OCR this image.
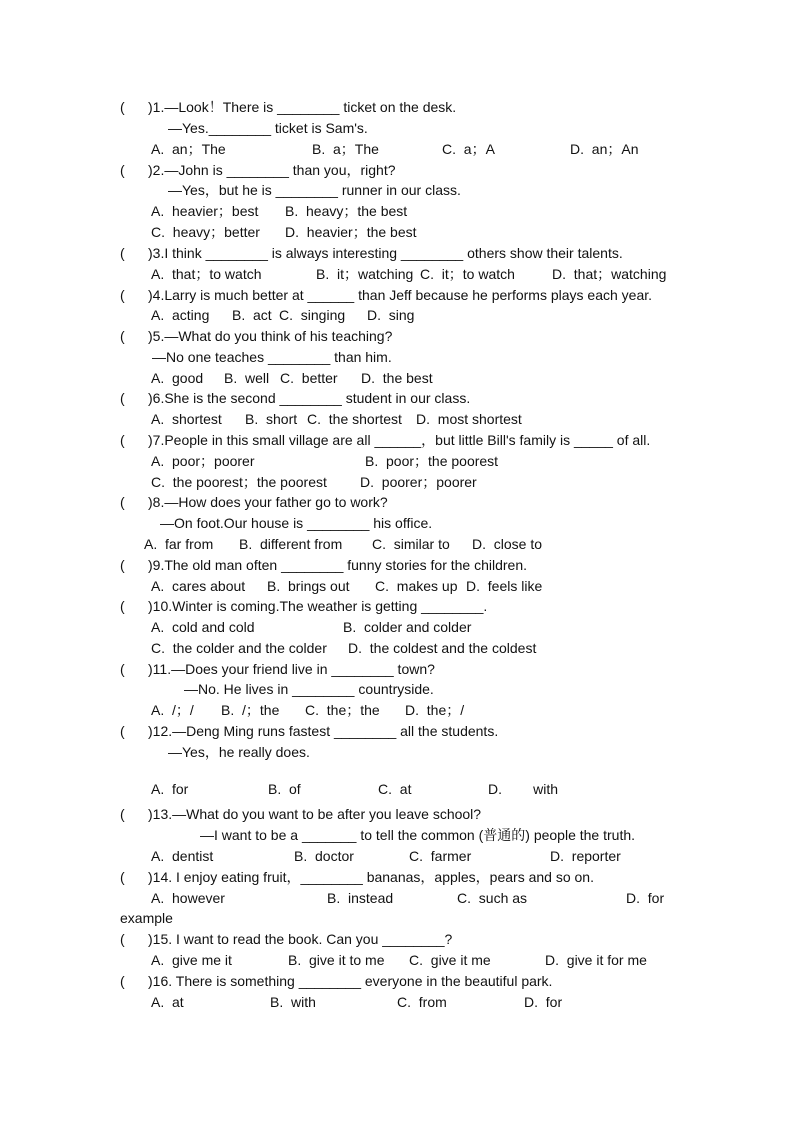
(      )1.—Look！There is ________ ticket on the desk.
—Yes.________ ticket is Sam's.
A.  an；The	B.  a；The	C.  a；A	D.  an；An
(      )2.—John is ________ than you，right?
—Yes，but he is ________ runner in our class.
A.  heavier；best B.  heavy；the best
C.  heavy；better D.  heavier；the best
(      )3.I think ________ is always interesting ________ others show their talents.
A.  that；to watch	B.  it；watching C.  it；to watch	D.  that；watching
(      )4.Larry is much better at ______ than Jeff because he performs plays each year.
A.  acting B.  act C.  singing D.  sing
(      )5.—What do you think of his teaching?
—No one teaches ________ than him.
A.  good B.  well C.  better D.  the best
(      )6.She is the second ________ student in our class.
A.  shortest B.  short C.  the shortest D.  most shortest
(      )7.People in this small village are all ______，but little Bill's family is _____ of all.
A.  poor；poorer	B.  poor；the poorest
C.  the poorest；the poorest D.  poorer；poorer
(      )8.—How does your father go to work?
—On foot.Our house is ________ his office.
A.  far from B.  different from C.  similar to D.  close to
(      )9.The old man often ________ funny stories for the children.
A.  cares about B.  brings out C.  makes up D.  feels like
(      )10.Winter is coming.The weather is getting ________.
A.  cold and cold	B.  colder and colder
C.  the colder and the colder D.  the coldest and the coldest
(      )11.—Does your friend live in ________ town?
—No. He lives in ________ countryside.
A.  /；/ B.  /；the C.  the；the D.  the；/
(      )12.—Deng Ming runs fastest ________ all the students.
—Yes，he really does.
A.  for	B.  of	C.  at	D.        with
(      )13.—What do you want to be after you leave school?
—I want to be a _______ to tell the common (普通的) people the truth.
A.  dentist	B.  doctor	C.  farmer	D.  reporter
(      )14. I enjoy eating fruit，________ bananas，apples，pears and so on.
A.  however	B.  instead	C.  such as	D.  for
example
(      )15. I want to read the book. Can you ________?
A.  give me it	B.  give it to me C.  give it me	D.  give it for me
(      )16. There is something ________ everyone in the beautiful park.
A.  at	B.  with	C.  from	D.  for
